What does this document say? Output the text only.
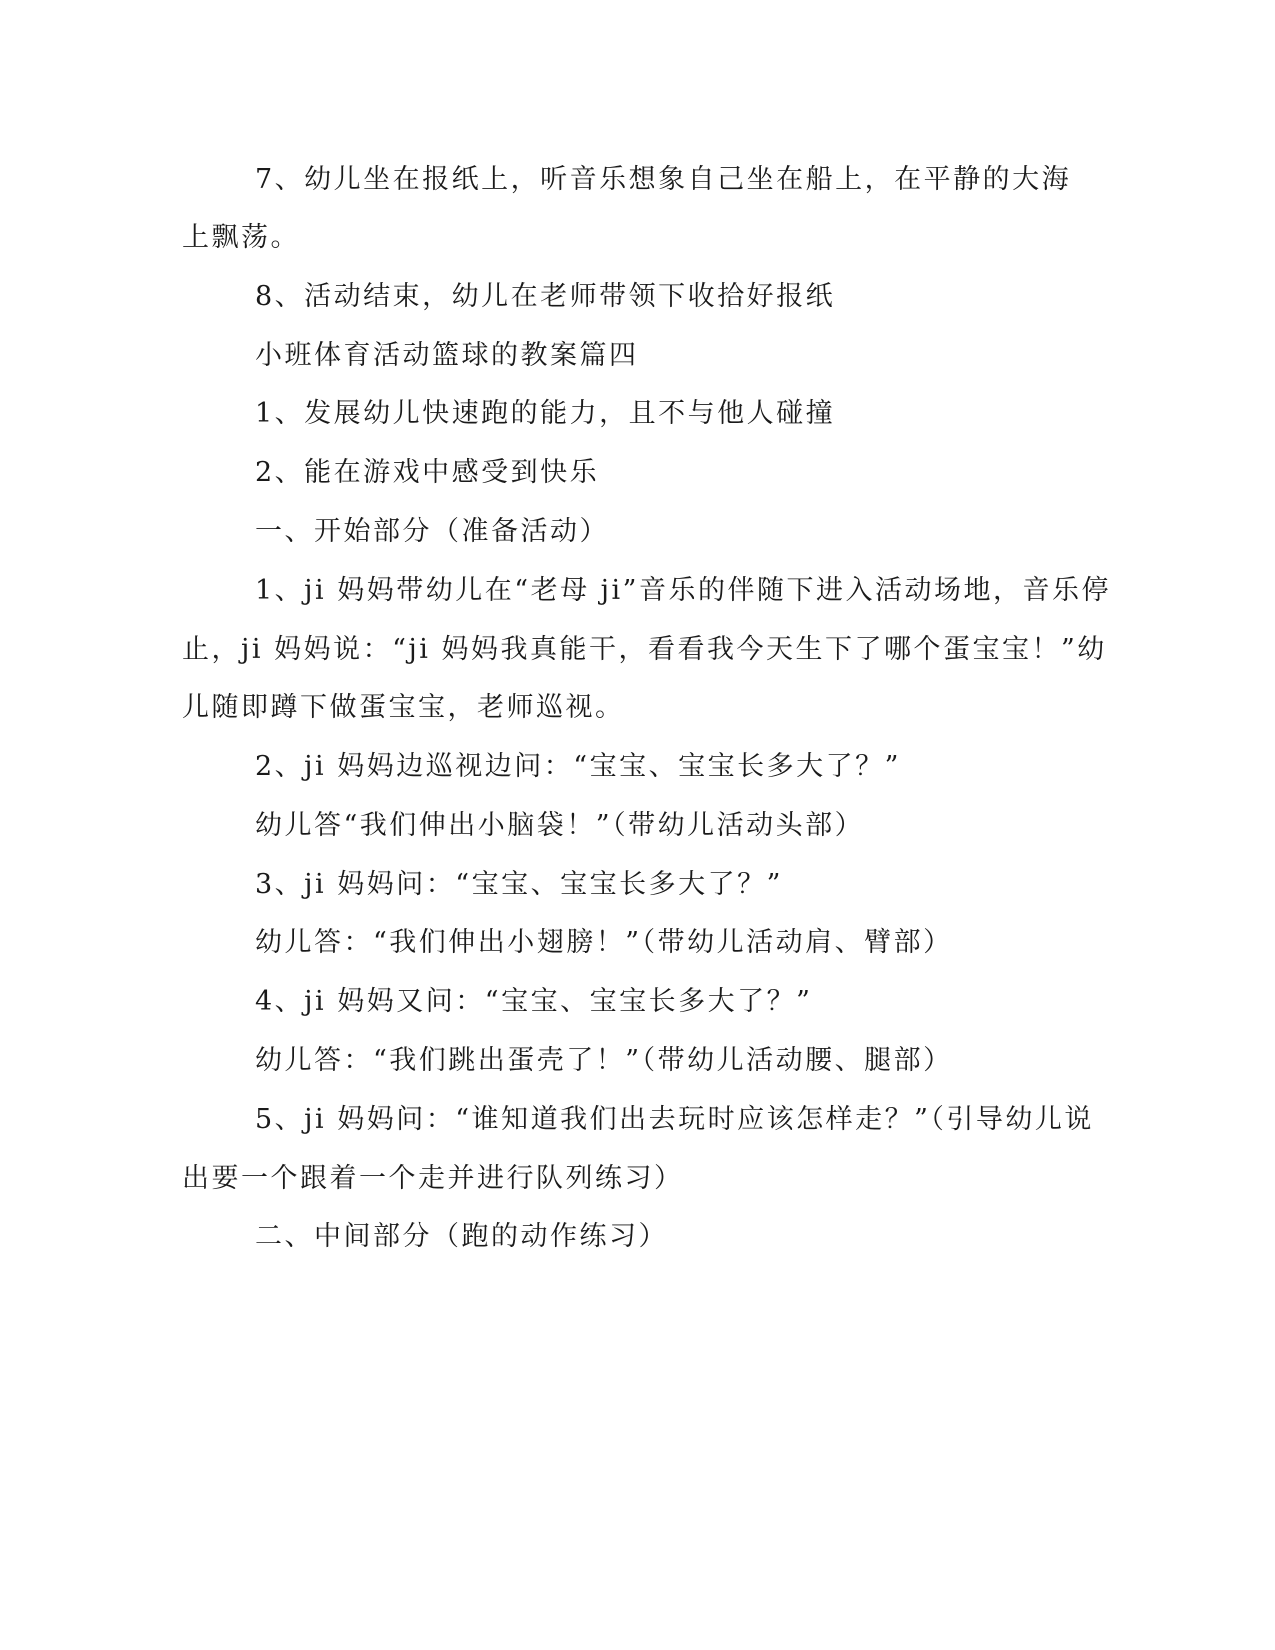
7、幼儿坐在报纸上，听音乐想象自己坐在船上，在平静的大海
上飘荡。
8、活动结束，幼儿在老师带领下收拾好报纸
小班体育活动篮球的教案篇四
1、发展幼儿快速跑的能力，且不与他人碰撞
2、能在游戏中感受到快乐
一、开始部分（准备活动）
1、ji 妈妈带幼儿在“老母 ji”音乐的伴随下进入活动场地，音乐停
止，ji 妈妈说：“ji 妈妈我真能干，看看我今天生下了哪个蛋宝宝！”幼
儿随即蹲下做蛋宝宝，老师巡视。
2、ji 妈妈边巡视边问：“宝宝、宝宝长多大了？”
幼儿答“我们伸出小脑袋！”（带幼儿活动头部）
3、ji 妈妈问：“宝宝、宝宝长多大了？”
幼儿答：“我们伸出小翅膀！”（带幼儿活动肩、臂部）
4、ji 妈妈又问：“宝宝、宝宝长多大了？”
幼儿答：“我们跳出蛋壳了！”（带幼儿活动腰、腿部）
5、ji 妈妈问：“谁知道我们出去玩时应该怎样走？”（引导幼儿说
出要一个跟着一个走并进行队列练习）
二、中间部分（跑的动作练习）
